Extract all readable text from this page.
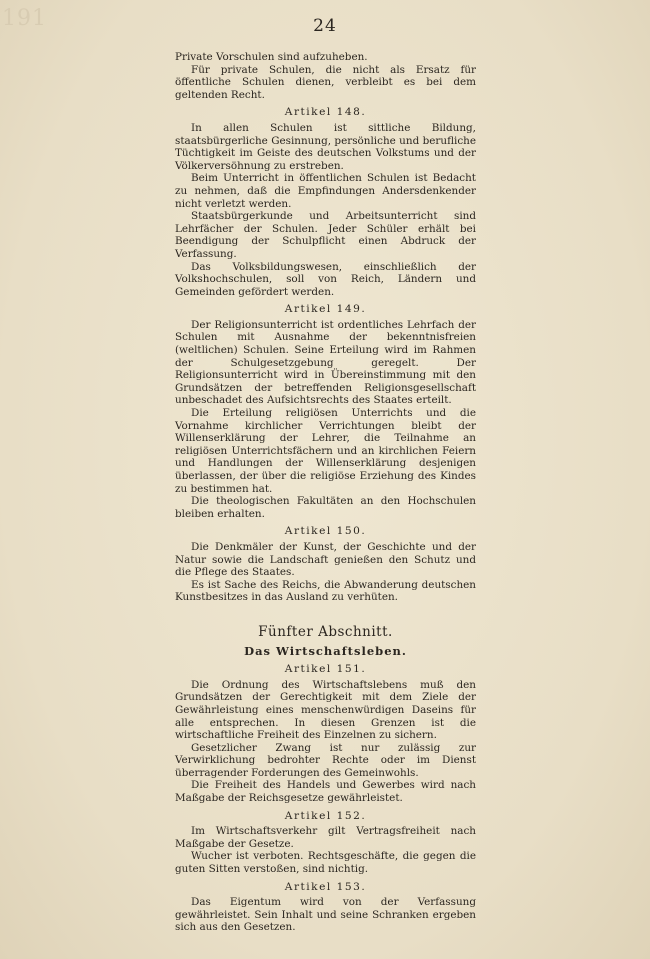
191	24

Private Vorschulen sind aufzuheben.

Für private Schulen, die nicht als Ersatz für öffentliche Schulen dienen, verbleibt es bei dem geltenden Recht.

Artikel 148.

In allen Schulen ist sittliche Bildung, staatsbürgerliche Gesinnung, persönliche und berufliche Tüchtigkeit im Geiste des deutschen Volkstums und der Völkerversöhnung zu erstreben.

Beim Unterricht in öffentlichen Schulen ist Bedacht zu nehmen, daß die Empfindungen Andersdenkender nicht verletzt werden.

Staatsbürgerkunde und Arbeitsunterricht sind Lehrfächer der Schulen. Jeder Schüler erhält bei Beendigung der Schulpflicht einen Abdruck der Verfassung.

Das Volksbildungswesen, einschließlich der Volkshochschulen, soll von Reich, Ländern und Gemeinden gefördert werden.

Artikel 149.

Der Religionsunterricht ist ordentliches Lehrfach der Schulen mit Ausnahme der bekenntnisfreien (weltlichen) Schulen. Seine Erteilung wird im Rahmen der Schulgesetzgebung geregelt. Der Religionsunterricht wird in Übereinstimmung mit den Grundsätzen der betreffenden Religionsgesellschaft unbeschadet des Aufsichtsrechts des Staates erteilt.

Die Erteilung religiösen Unterrichts und die Vornahme kirchlicher Verrichtungen bleibt der Willenserklärung der Lehrer, die Teilnahme an religiösen Unterrichtsfächern und an kirchlichen Feiern und Handlungen der Willenserklärung desjenigen überlassen, der über die religiöse Erziehung des Kindes zu bestimmen hat.

Die theologischen Fakultäten an den Hochschulen bleiben erhalten.

Artikel 150.

Die Denkmäler der Kunst, der Geschichte und der Natur sowie die Landschaft genießen den Schutz und die Pflege des Staates.

Es ist Sache des Reichs, die Abwanderung deutschen Kunstbesitzes in das Ausland zu verhüten.

Fünfter Abschnitt.
Das Wirtschaftsleben.
Artikel 151.

Die Ordnung des Wirtschaftslebens muß den Grundsätzen der Gerechtigkeit mit dem Ziele der Gewährleistung eines menschenwürdigen Daseins für alle entsprechen. In diesen Grenzen ist die wirtschaftliche Freiheit des Einzelnen zu sichern.

Gesetzlicher Zwang ist nur zulässig zur Verwirklichung bedrohter Rechte oder im Dienst überragender Forderungen des Gemeinwohls.

Die Freiheit des Handels und Gewerbes wird nach Maßgabe der Reichsgesetze gewährleistet.

Artikel 152.

Im Wirtschaftsverkehr gilt Vertragsfreiheit nach Maßgabe der Gesetze.

Wucher ist verboten. Rechtsgeschäfte, die gegen die guten Sitten verstoßen, sind nichtig.

Artikel 153.

Das Eigentum wird von der Verfassung gewährleistet. Sein Inhalt und seine Schranken ergeben sich aus den Gesetzen.
